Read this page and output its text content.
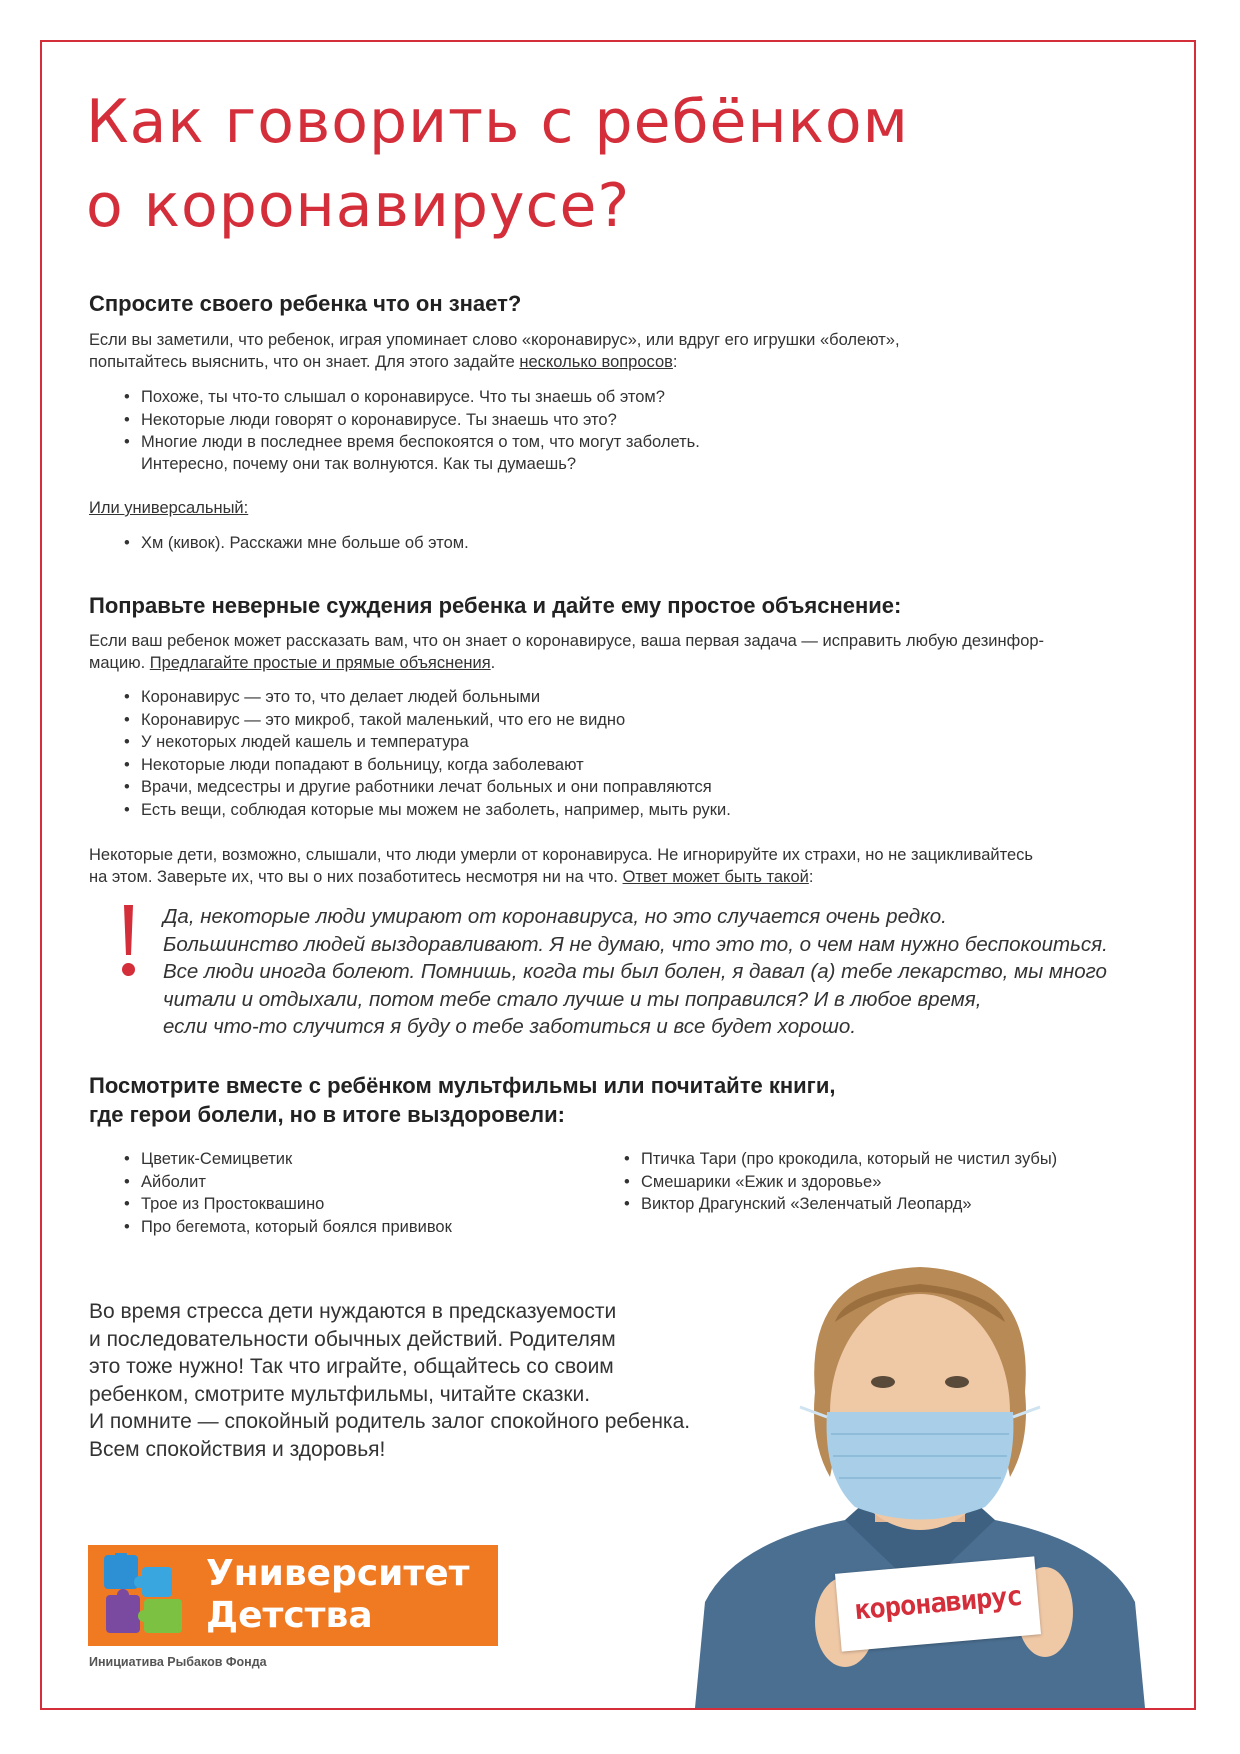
Как говорить с ребёнком
о коронавирусе?
Спросите своего ребенка что он знает?

Если вы заметили, что ребенок, играя упоминает слово «коронавирус», или вдруг его игрушки «болеют»,

попытайтесь выяснить, что он знает. Для этого задайте несколько вопросов:

• Похоже, ты что-то слышал о коронавирусе. Что ты знаешь об этом?
• Некоторые люди говорят о коронавирусе. Ты знаешь что это?
• Многие люди в последнее время беспокоятся о том, что могут заболеть.
Интересно, почему они так волнуются. Как ты думаешь?
Или универсальный:
• Хм (кивок). Расскажи мне больше об этом.
Поправьте неверные суждения ребенка и дайте ему простое объяснение:

Если ваш ребенок может рассказать вам, что он знает о коронавирусе, ваша первая задача — исправить любую дезинфор-

мацию. Предлагайте простые и прямые объяснения.

• Коронавирус — это то, что делает людей больными
• Коронавирус — это микроб, такой маленький, что его не видно
• У некоторых людей кашель и температура
• Некоторые люди попадают в больницу, когда заболевают
• Врачи, медсестры и другие работники лечат больных и они поправляются
• Есть вещи, соблюдая которые мы можем не заболеть, например, мыть руки.

Некоторые дети, возможно, слышали, что люди умерли от коронавируса. Не игнорируйте их страхи, но не зацикливайтесь

на этом. Заверьте их, что вы о них позаботитесь несмотря ни на что. Ответ может быть такой:

Да, некоторые люди умирают от коронавируса, но это случается очень редко.
Большинство людей выздоравливают. Я не думаю, что это то, о чем нам нужно беспокоиться.
Все люди иногда болеют. Помнишь, когда ты был болен, я давал (а) тебе лекарство, мы много
читали и отдыхали, потом тебе стало лучше и ты поправился? И в любое время,
если что-то случится я буду о тебе заботиться и все будет хорошо.
Посмотрите вместе с ребёнком мультфильмы или почитайте книги,
где герои болели, но в итоге выздоровели:
• Цветик-Семицветик
• Айболит
• Трое из Простоквашино
• Про бегемота, который боялся прививок
• Птичка Тари (про крокодила, который не чистил зубы)
• Смешарики «Ежик и здоровье»
• Виктор Драгунский «Зеленчатый Леопард»
Во время стресса дети нуждаются в предсказуемости
и последовательности обычных действий. Родителям
это тоже нужно! Так что играйте, общайтесь со своим
ребенком, смотрите мультфильмы, читайте сказки.
И помните — спокойный родитель залог спокойного ребенка.
Всем спокойствия и здоровья!
Университет
Детства
Инициатива Рыбаков Фонда
коронавирус
